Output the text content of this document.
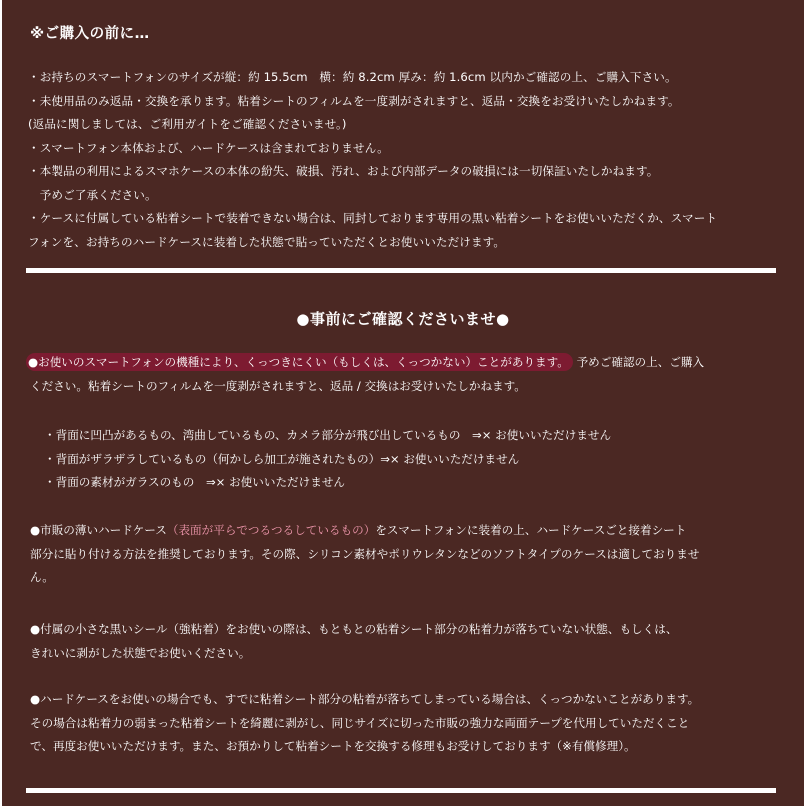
※ご購入の前に…
・お持ちのスマートフォンのサイズが縦：約 15.5cm　横：約 8.2cm 厚み：約 1.6cm 以内かご確認の上、ご購入下さい。
・未使用品のみ返品・交換を承ります。粘着シートのフィルムを一度剥がされますと、返品・交換をお受けいたしかねます。
(返品に関しましては、ご利用ガイトをご確認くださいませ。)
・スマートフォン本体および、ハードケースは含まれておりません。
・本製品の利用によるスマホケースの本体の紛失、破損、汚れ、および内部データの破損には一切保証いたしかねます。
　予めご了承ください。
・ケースに付属している粘着シートで装着できない場合は、同封しております専用の黒い粘着シートをお使いいただくか、スマート
フォンを、お持ちのハードケースに装着した状態で貼っていただくとお使いいただけます。
●事前にご確認くださいませ●
●お使いのスマートフォンの機種により、くっつきにくい（もしくは、くっつかない）ことがあります。 予めご確認の上、ご購入
ください。粘着シートのフィルムを一度剥がされますと、返品 / 交換はお受けいたしかねます。
・背面に凹凸があるもの、湾曲しているもの、カメラ部分が飛び出しているもの　⇒× お使いいただけません
・背面がザラザラしているもの（何かしら加工が施されたもの）⇒× お使いいただけません
・背面の素材がガラスのもの　⇒× お使いいただけません
●市販の薄いハードケース（表面が平らでつるつるしているもの）をスマートフォンに装着の上、ハードケースごと接着シート
部分に貼り付ける方法を推奨しております。その際、シリコン素材やポリウレタンなどのソフトタイプのケースは適しておりませ
ん。
●付属の小さな黒いシール（強粘着）をお使いの際は、もともとの粘着シート部分の粘着力が落ちていない状態、もしくは、
きれいに剥がした状態でお使いください。
●ハードケースをお使いの場合でも、すでに粘着シート部分の粘着が落ちてしまっている場合は、くっつかないことがあります。
その場合は粘着力の弱まった粘着シートを綺麗に剥がし、同じサイズに切った市販の強力な両面テープを代用していただくこと
で、再度お使いいただけます。また、お預かりして粘着シートを交換する修理もお受けしております（※有償修理）。
